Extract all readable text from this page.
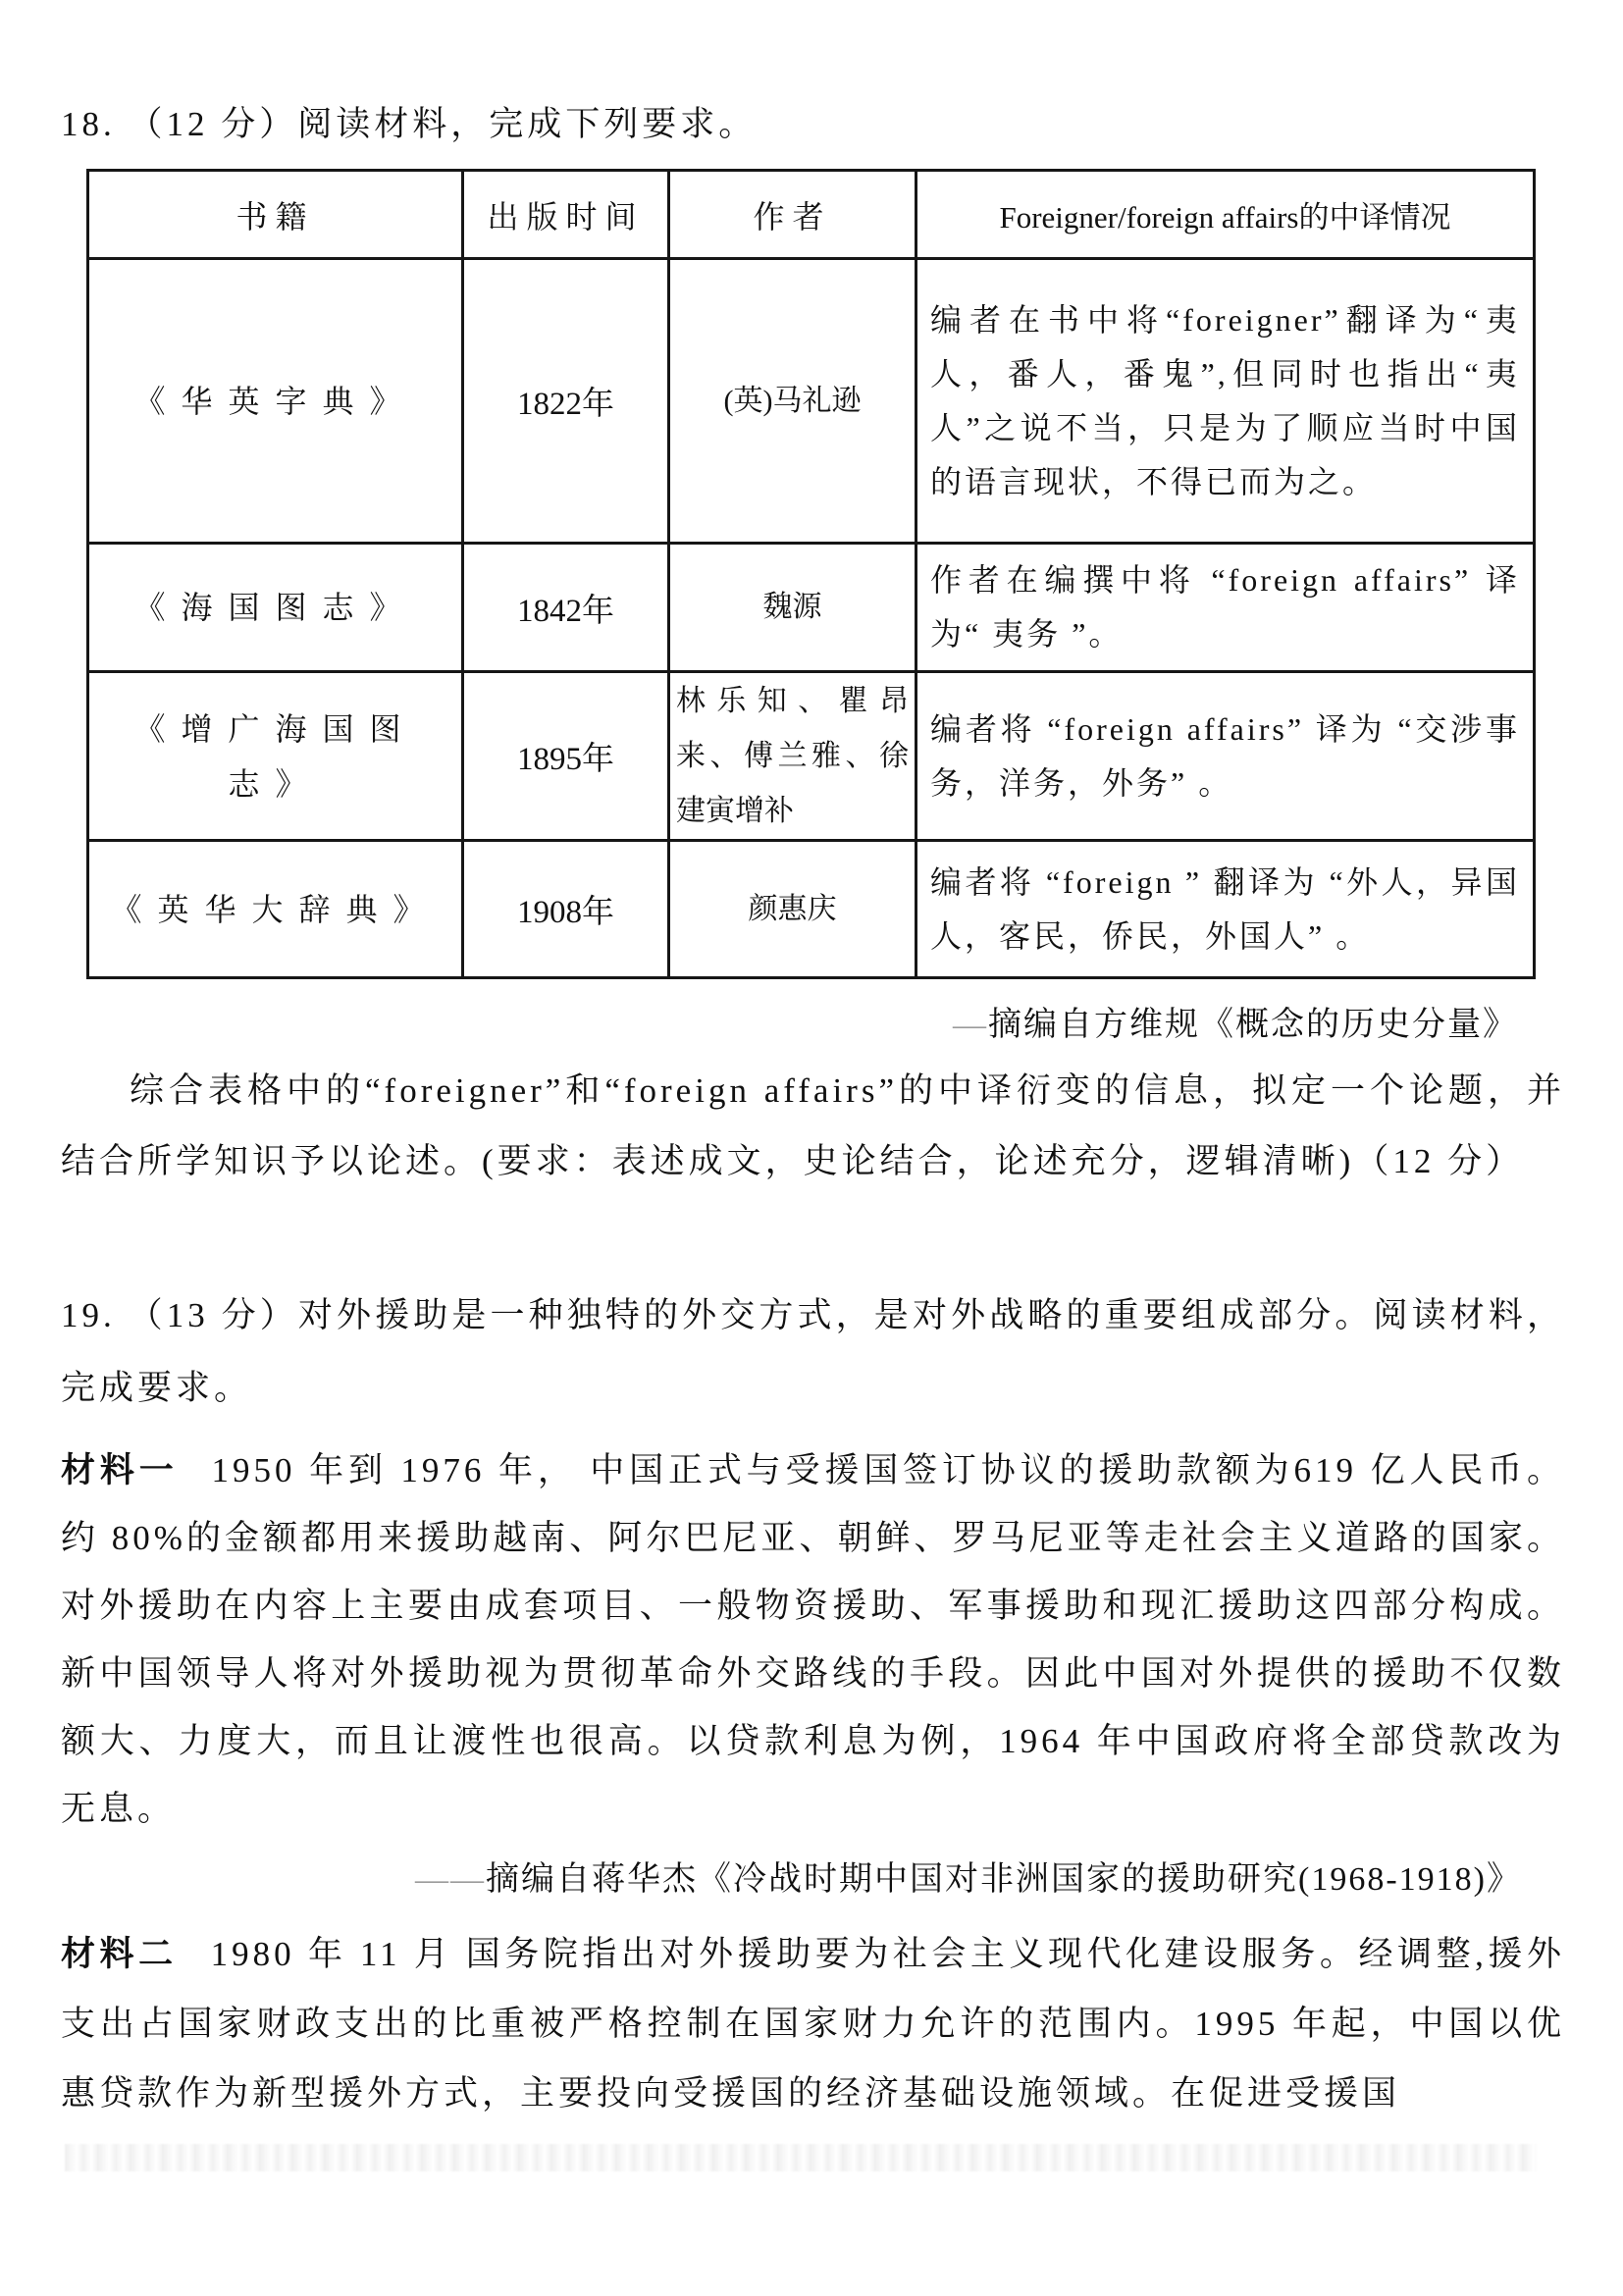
18. （12 分）阅读材料，完成下列要求。

书籍	出版时间	作者	Foreigner/foreign affairs的中译情况
《华英字典》	1822年	(英)马礼逊	编者在书中将“foreigner”翻译为“夷人，番人，番鬼”,但同时也指出“夷人”之说不当，只是为了顺应当时中国的语言现状，不得已而为之。
《海国图志》	1842年	魏源	作者在编撰中将 “foreign affairs” 译为“ 夷务 ”。
《增广海国图志》	1895年	林乐知、瞿昂来、傅兰雅、徐建寅增补	编者将 “foreign affairs” 译为 “交涉事务，洋务，外务” 。
《英华大辞典》	1908年	颜惠庆	编者将 “foreign ” 翻译为 “外人，异国人，客民，侨民，外国人” 。

—摘编自方维规《概念的历史分量》

综合表格中的“foreigner”和“foreign affairs”的中译衍变的信息，拟定一个论题，并结合所学知识予以论述。(要求：表述成文，史论结合，论述充分，逻辑清晰)（12 分）

19. （13 分）对外援助是一种独特的外交方式，是对外战略的重要组成部分。阅读材料，完成要求。

材料一 1950 年到 1976 年， 中国正式与受援国签订协议的援助款额为619 亿人民币。约 80%的金额都用来援助越南、阿尔巴尼亚、朝鲜、罗马尼亚等走社会主义道路的国家。对外援助在内容上主要由成套项目、一般物资援助、军事援助和现汇援助这四部分构成。新中国领导人将对外援助视为贯彻革命外交路线的手段。因此中国对外提供的援助不仅数额大、力度大，而且让渡性也很高。以贷款利息为例，1964 年中国政府将全部贷款改为无息。

——摘编自蒋华杰《冷战时期中国对非洲国家的援助研究(1968-1918)》

材料二 1980 年 11 月 国务院指出对外援助要为社会主义现代化建设服务。经调整,援外支出占国家财政支出的比重被严格控制在国家财力允许的范围内。1995 年起，中国以优惠贷款作为新型援外方式，主要投向受援国的经济基础设施领域。在促进受援国
